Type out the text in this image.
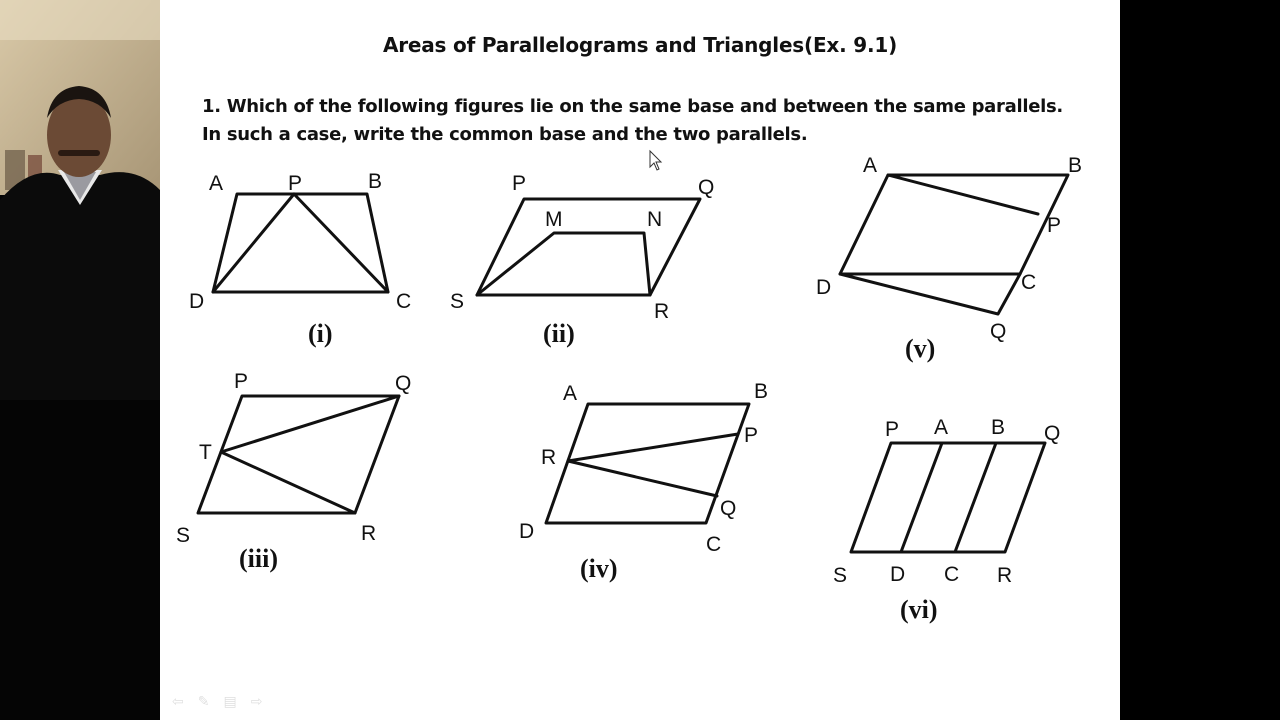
Areas of Parallelograms and Triangles(Ex. 9.1)
1. Which of the following figures lie on the same base and between the same parallels.
In such a case, write the common base and the two parallels.
A	P	B
D	C
(i)
P	Q
M	N
S	R
(ii)
A	B
P
D	C
Q
(v)
P	Q
T
S	R
(iii)
A	B
P
R
Q
D
C
(iv)
P A B Q
S D C R
(vi)
⇦ ✎ ▤ ⇨
